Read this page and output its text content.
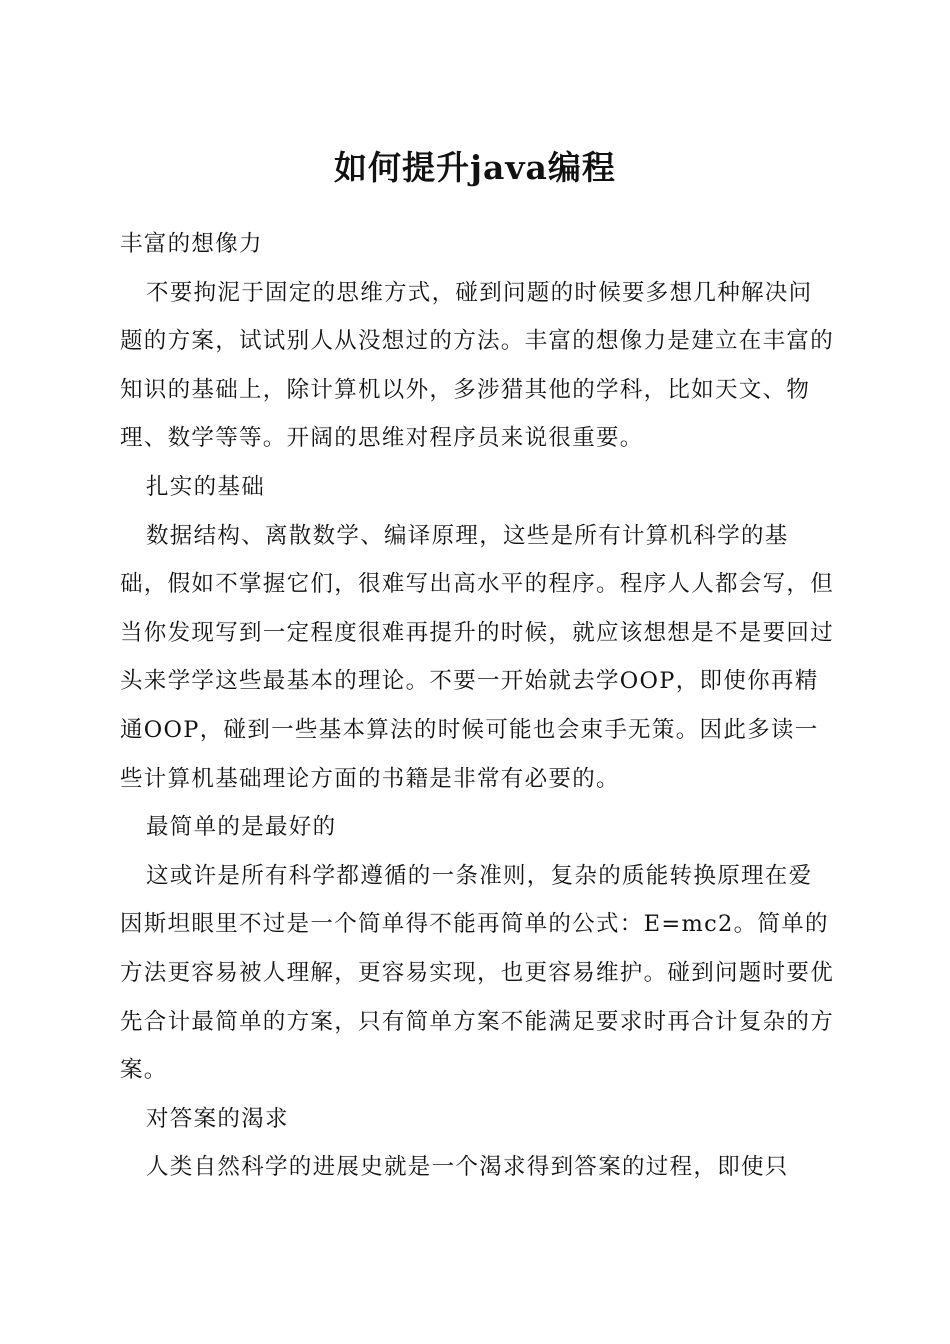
如何提升java编程

丰富的想像力

不要拘泥于固定的思维方式，碰到问题的时候要多想几种解决问题的方案，试试别人从没想过的方法。丰富的想像力是建立在丰富的知识的基础上，除计算机以外，多涉猎其他的学科，比如天文、物理、数学等等。开阔的思维对程序员来说很重要。

扎实的基础

数据结构、离散数学、编译原理，这些是所有计算机科学的基础，假如不掌握它们，很难写出高水平的程序。程序人人都会写，但当你发现写到一定程度很难再提升的时候，就应该想想是不是要回过头来学学这些最基本的理论。不要一开始就去学OOP，即使你再精通OOP，碰到一些基本算法的时候可能也会束手无策。因此多读一些计算机基础理论方面的书籍是非常有必要的。

最简单的是最好的

这或许是所有科学都遵循的一条准则，复杂的质能转换原理在爱因斯坦眼里不过是一个简单得不能再简单的公式：E=mc2。简单的方法更容易被人理解，更容易实现，也更容易维护。碰到问题时要优先合计最简单的方案，只有简单方案不能满足要求时再合计复杂的方案。

对答案的渴求

人类自然科学的进展史就是一个渴求得到答案的过程，即使只
